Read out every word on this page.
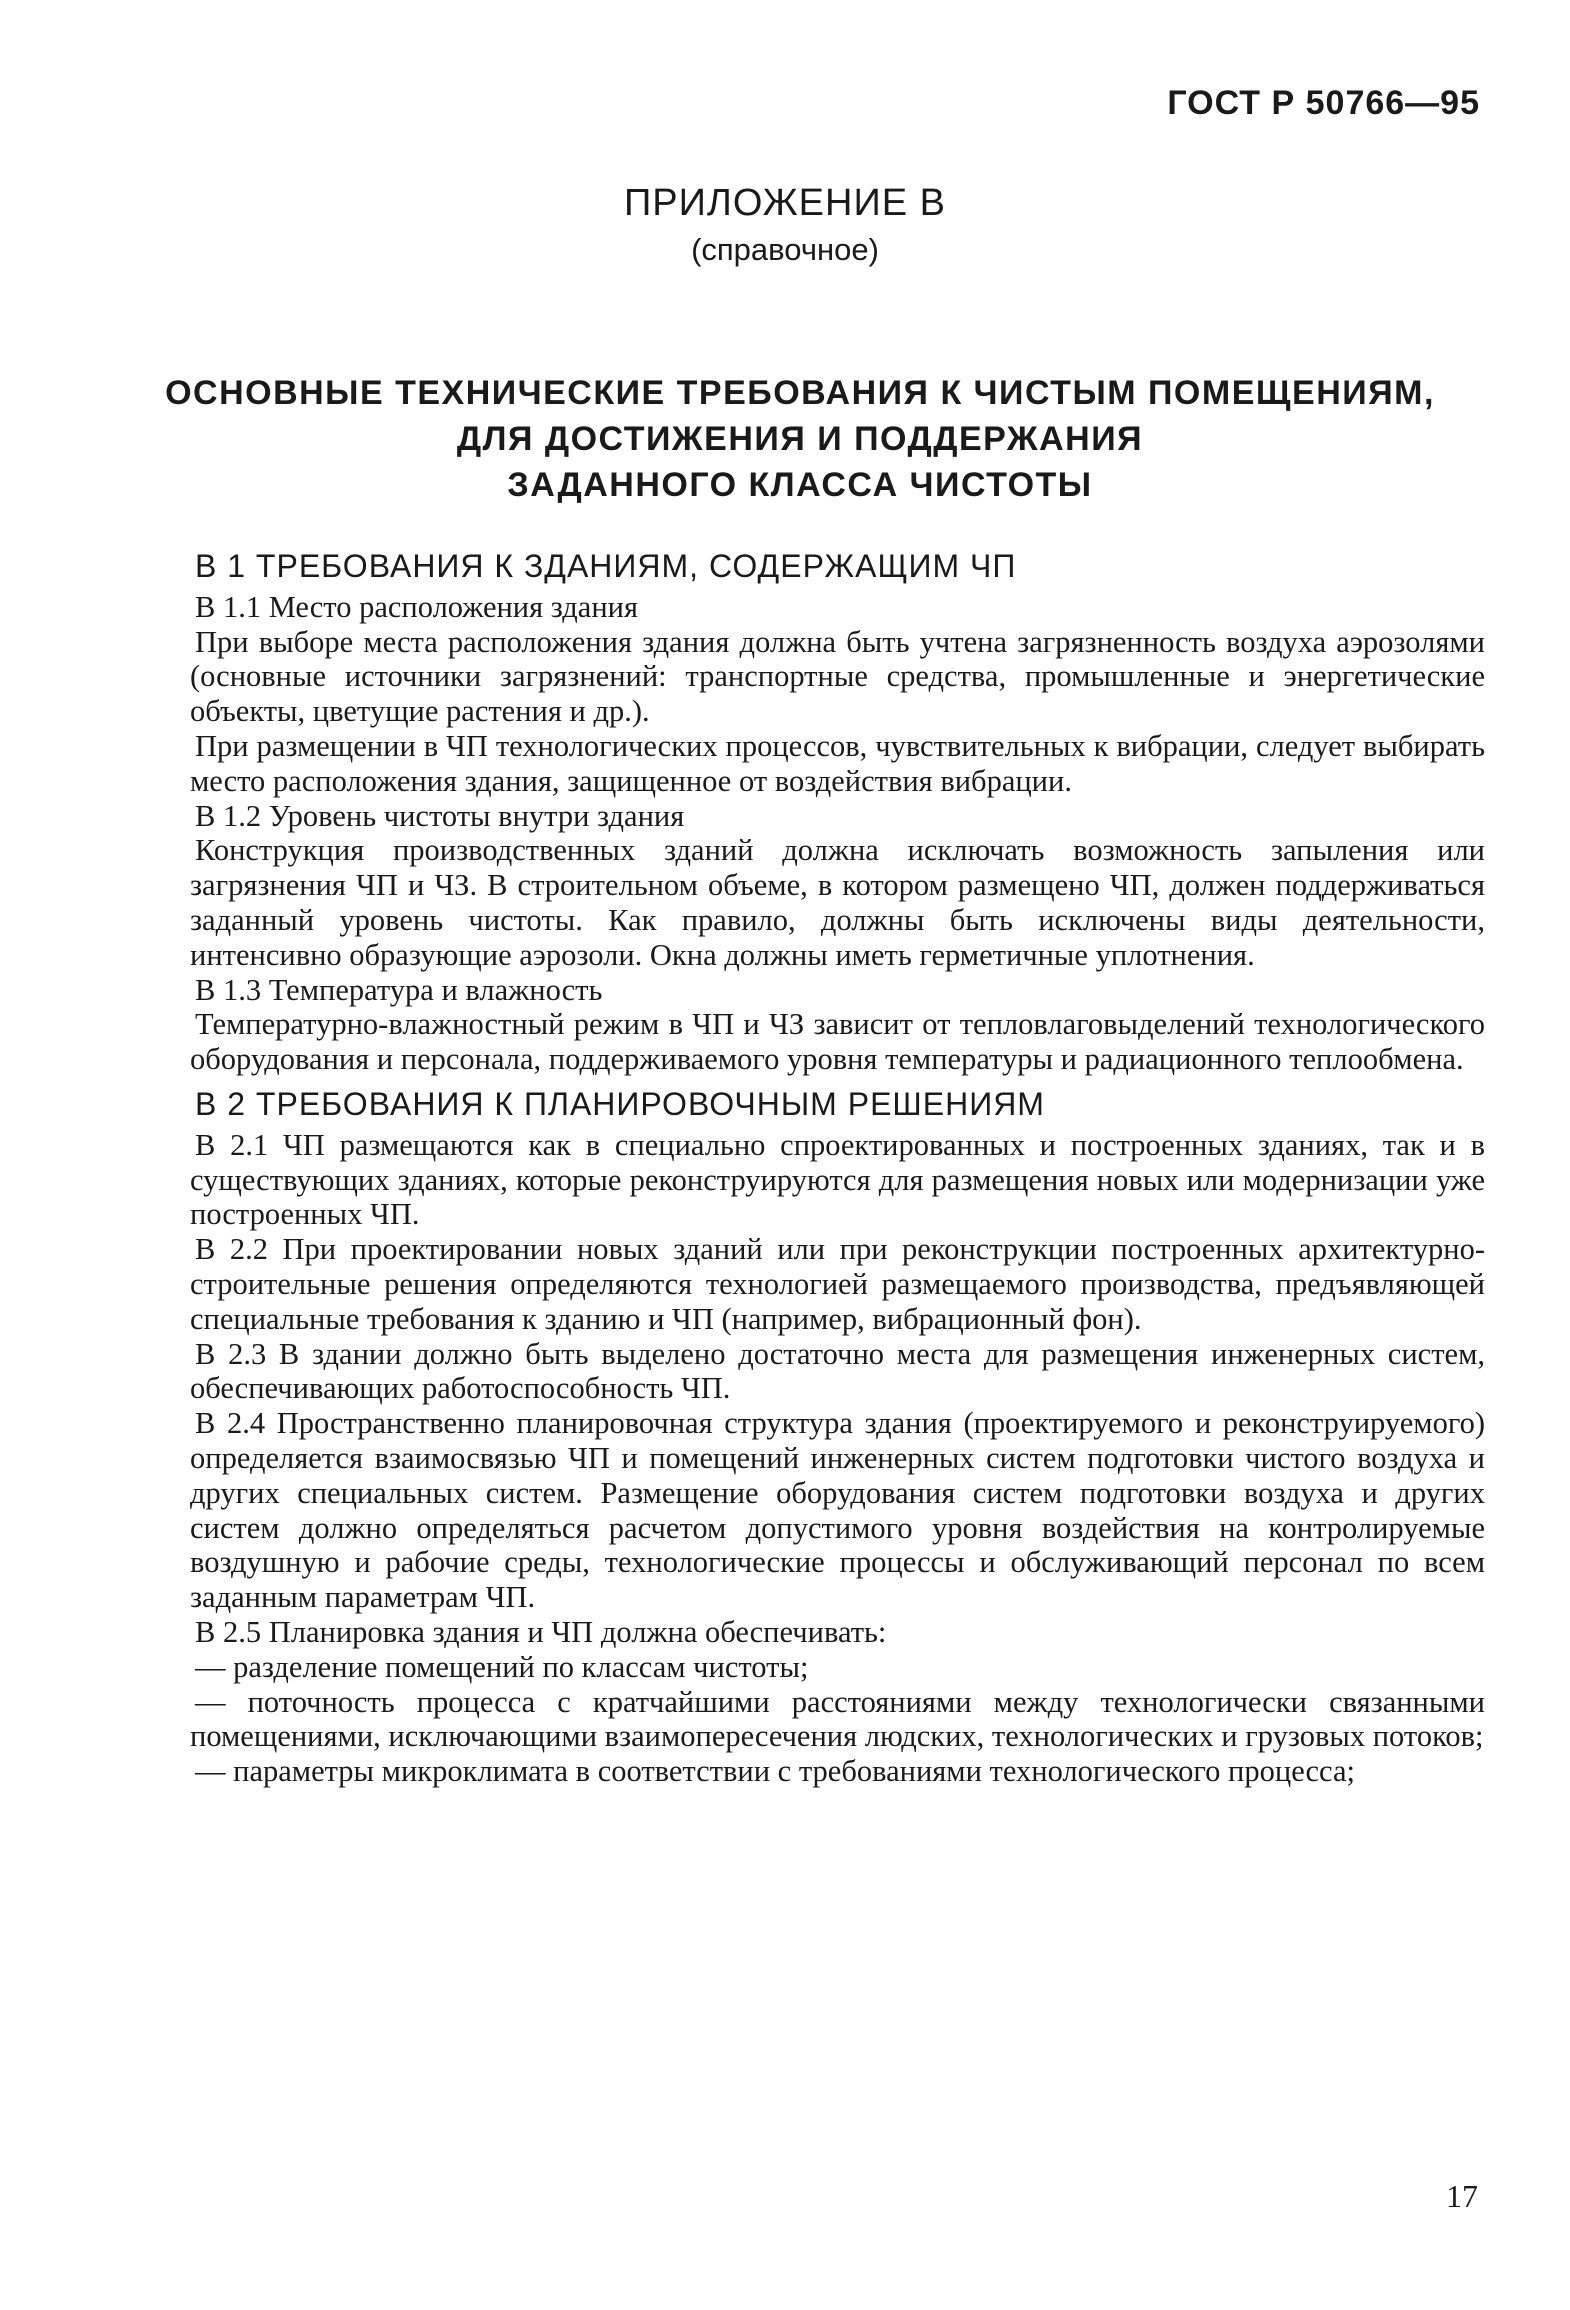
ГОСТ Р 50766—95
ПРИЛОЖЕНИЕ В
(справочное)
ОСНОВНЫЕ ТЕХНИЧЕСКИЕ ТРЕБОВАНИЯ К ЧИСТЫМ ПОМЕЩЕНИЯМ,
ДЛЯ ДОСТИЖЕНИЯ И ПОДДЕРЖАНИЯ
ЗАДАННОГО КЛАССА ЧИСТОТЫ
В 1 ТРЕБОВАНИЯ К ЗДАНИЯМ, СОДЕРЖАЩИМ ЧП
В 1.1 Место расположения здания
При выборе места расположения здания должна быть учтена загрязненность воздуха аэрозолями (основные источники загрязнений: транспортные средства, промышленные и энергетические объекты, цветущие растения и др.).
При размещении в ЧП технологических процессов, чувствительных к вибрации, следует выбирать место расположения здания, защищенное от воздействия вибрации.
В 1.2 Уровень чистоты внутри здания
Конструкция производственных зданий должна исключать возможность запыления или загрязнения ЧП и ЧЗ. В строительном объеме, в котором размещено ЧП, должен поддерживаться заданный уровень чистоты. Как правило, должны быть исключены виды деятельности, интенсивно образующие аэрозоли. Окна должны иметь герметичные уплотнения.
В 1.3 Температура и влажность
Температурно-влажностный режим в ЧП и ЧЗ зависит от тепловлаговыделений технологического оборудования и персонала, поддерживаемого уровня температуры и радиационного теплообмена.
В 2 ТРЕБОВАНИЯ К ПЛАНИРОВОЧНЫМ РЕШЕНИЯМ
В 2.1 ЧП размещаются как в специально спроектированных и построенных зданиях, так и в существующих зданиях, которые реконструируются для размещения новых или модернизации уже построенных ЧП.
В 2.2 При проектировании новых зданий или при реконструкции построенных архитектурно-строительные решения определяются технологией размещаемого производства, предъявляющей специальные требования к зданию и ЧП (например, вибрационный фон).
В 2.3 В здании должно быть выделено достаточно места для размещения инженерных систем, обеспечивающих работоспособность ЧП.
В 2.4 Пространственно планировочная структура здания (проектируемого и реконструируемого) определяется взаимосвязью ЧП и помещений инженерных систем подготовки чистого воздуха и других специальных систем. Размещение оборудования систем подготовки воздуха и других систем должно определяться расчетом допустимого уровня воздействия на контролируемые воздушную и рабочие среды, технологические процессы и обслуживающий персонал по всем заданным параметрам ЧП.
В 2.5 Планировка здания и ЧП должна обеспечивать:
— разделение помещений по классам чистоты;
— поточность процесса с кратчайшими расстояниями между технологически связанными помещениями, исключающими взаимопересечения людских, технологических и грузовых потоков;
— параметры микроклимата в соответствии с требованиями технологического процесса;
17
